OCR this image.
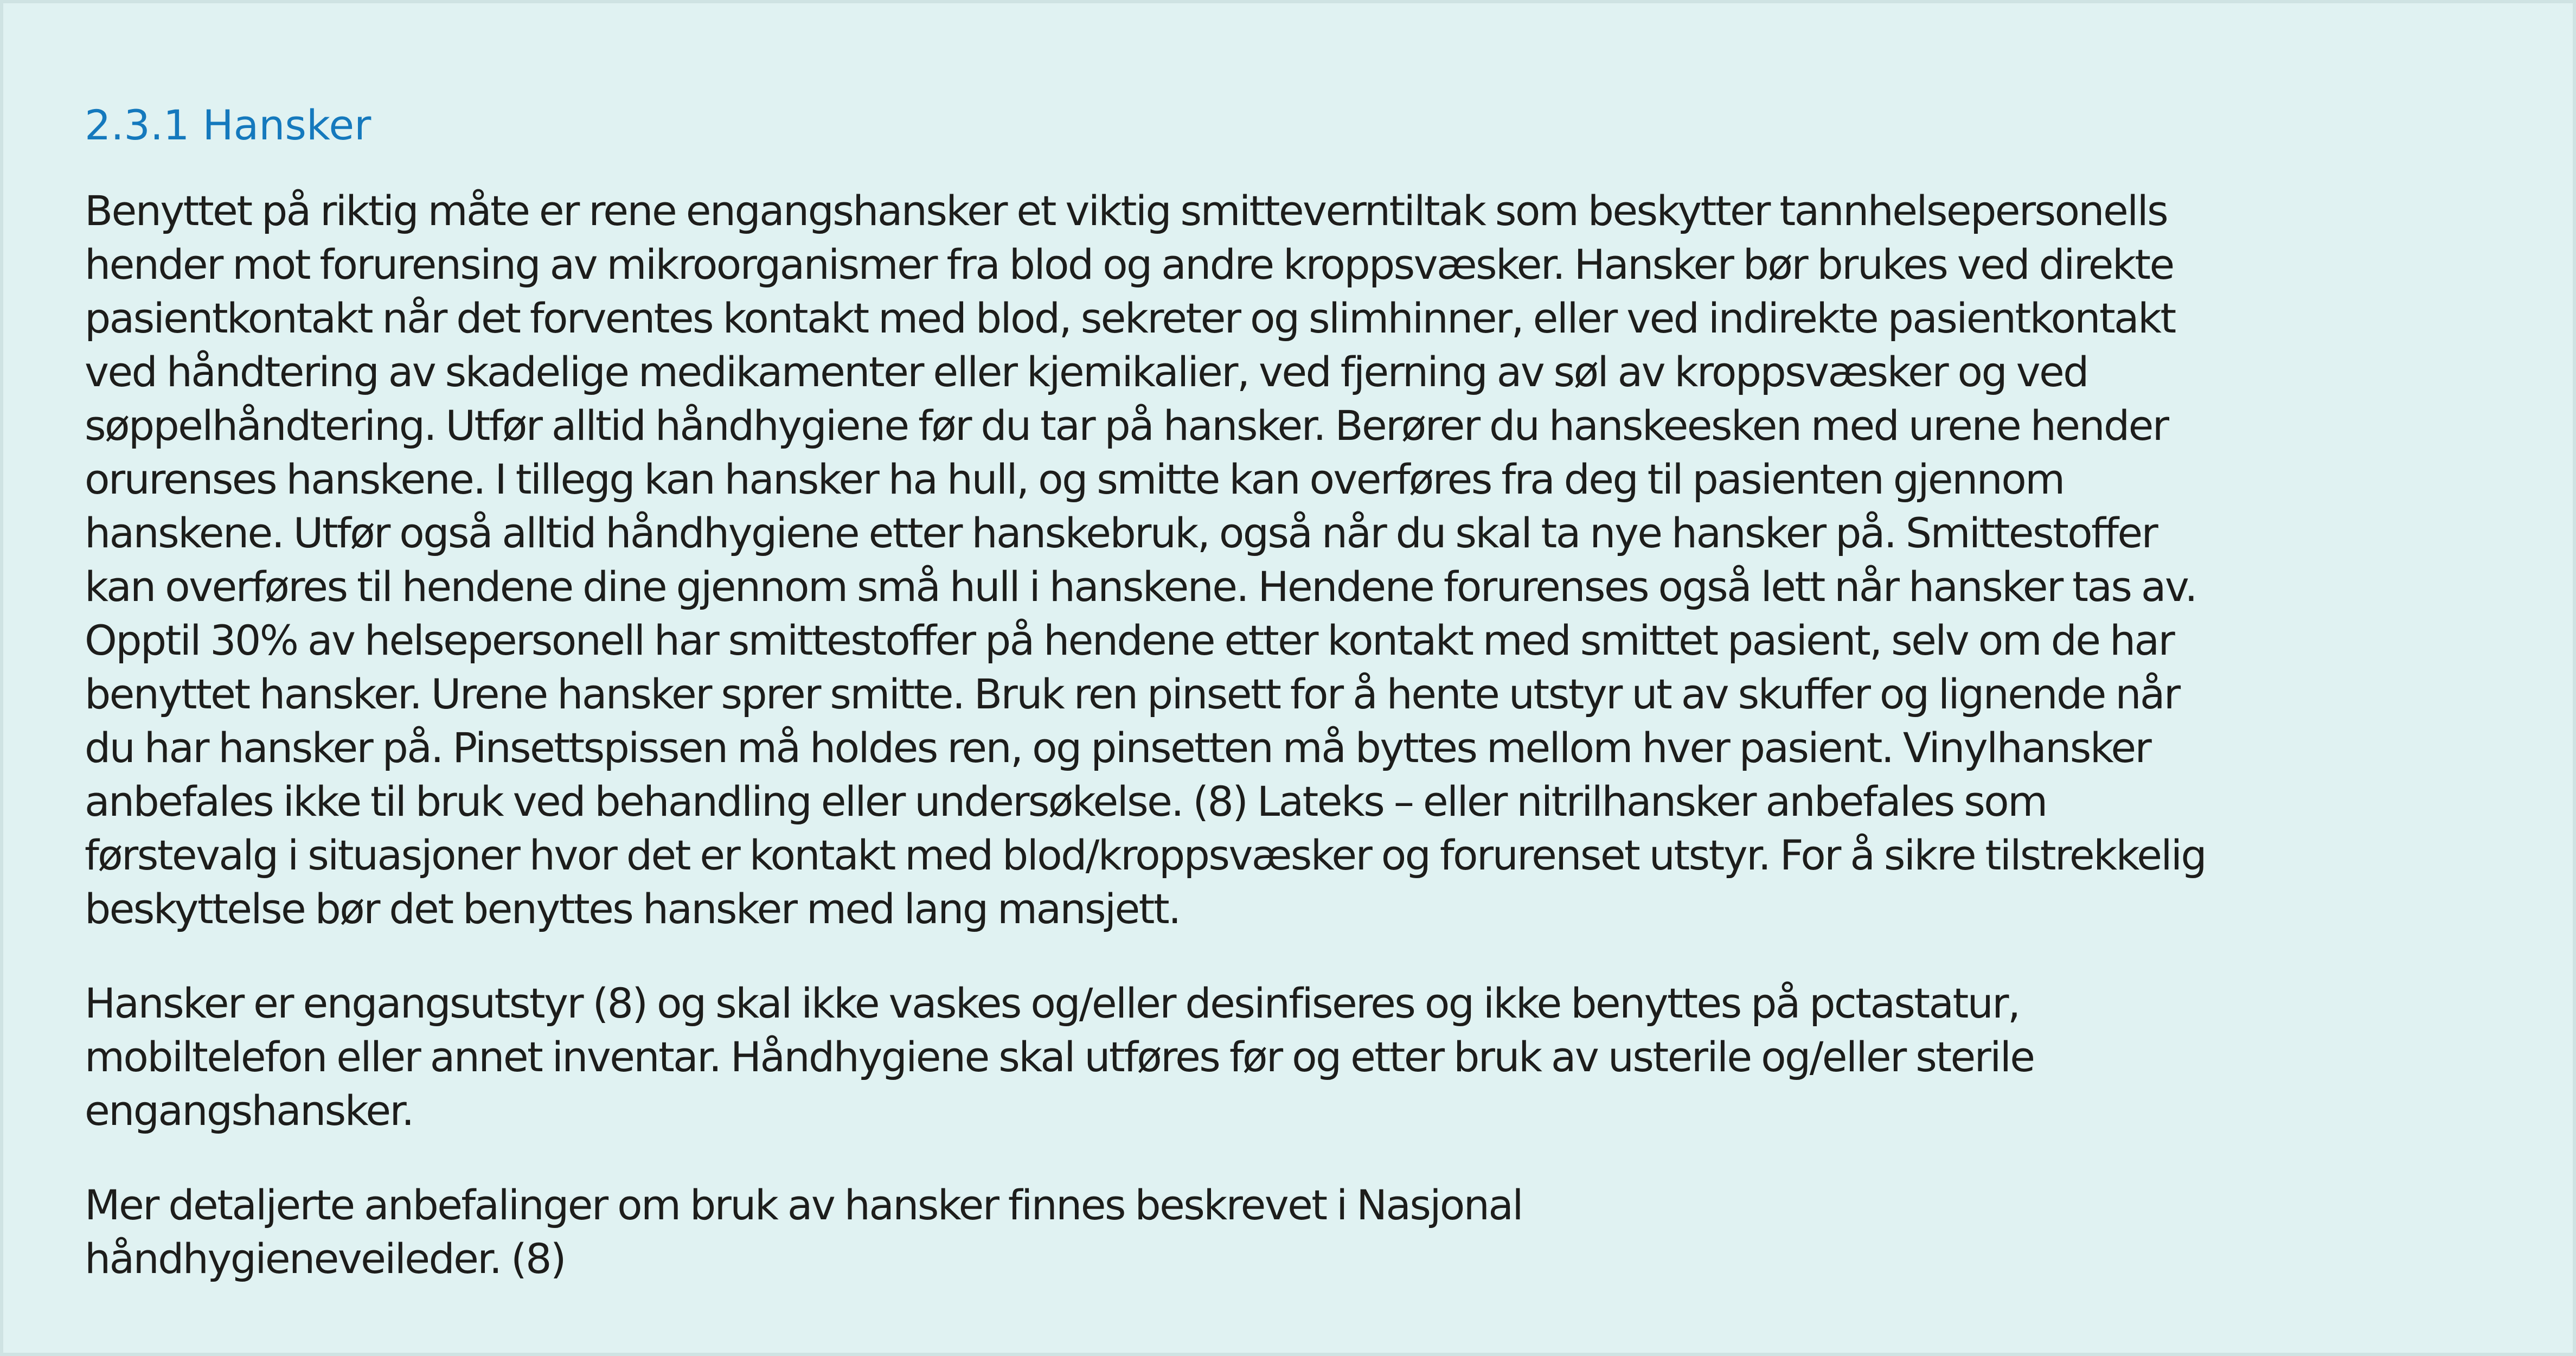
2.3.1 Hansker

Benyttet på riktig måte er rene engangshansker et viktig smitteverntiltak som beskytter tannhelsepersonells
hender mot forurensing av mikroorganismer fra blod og andre kroppsvæsker. Hansker bør brukes ved direkte
pasientkontakt når det forventes kontakt med blod, sekreter og slimhinner, eller ved indirekte pasientkontakt
ved håndtering av skadelige medikamenter eller kjemikalier, ved fjerning av søl av kroppsvæsker og ved
søppelhåndtering. Utfør alltid håndhygiene før du tar på hansker. Berører du hanskeesken med urene hender
orurenses hanskene. I tillegg kan hansker ha hull, og smitte kan overføres fra deg til pasienten gjennom
hanskene. Utfør også alltid håndhygiene etter hanskebruk, også når du skal ta nye hansker på. Smittestoffer
kan overføres til hendene dine gjennom små hull i hanskene. Hendene forurenses også lett når hansker tas av.
Opptil 30% av helsepersonell har smittestoffer på hendene etter kontakt med smittet pasient, selv om de har
benyttet hansker. Urene hansker sprer smitte. Bruk ren pinsett for å hente utstyr ut av skuffer og lignende når
du har hansker på. Pinsettspissen må holdes ren, og pinsetten må byttes mellom hver pasient. Vinylhansker
anbefales ikke til bruk ved behandling eller undersøkelse. (8) Lateks – eller nitrilhansker anbefales som
førstevalg i situasjoner hvor det er kontakt med blod/kroppsvæsker og forurenset utstyr. For å sikre tilstrekkelig
beskyttelse bør det benyttes hansker med lang mansjett.

Hansker er engangsutstyr (8) og skal ikke vaskes og/eller desinfiseres og ikke benyttes på pctastatur,
mobiltelefon eller annet inventar. Håndhygiene skal utføres før og etter bruk av usterile og/eller sterile
engangshansker.

Mer detaljerte anbefalinger om bruk av hansker finnes beskrevet i Nasjonal
håndhygieneveileder. (8)
